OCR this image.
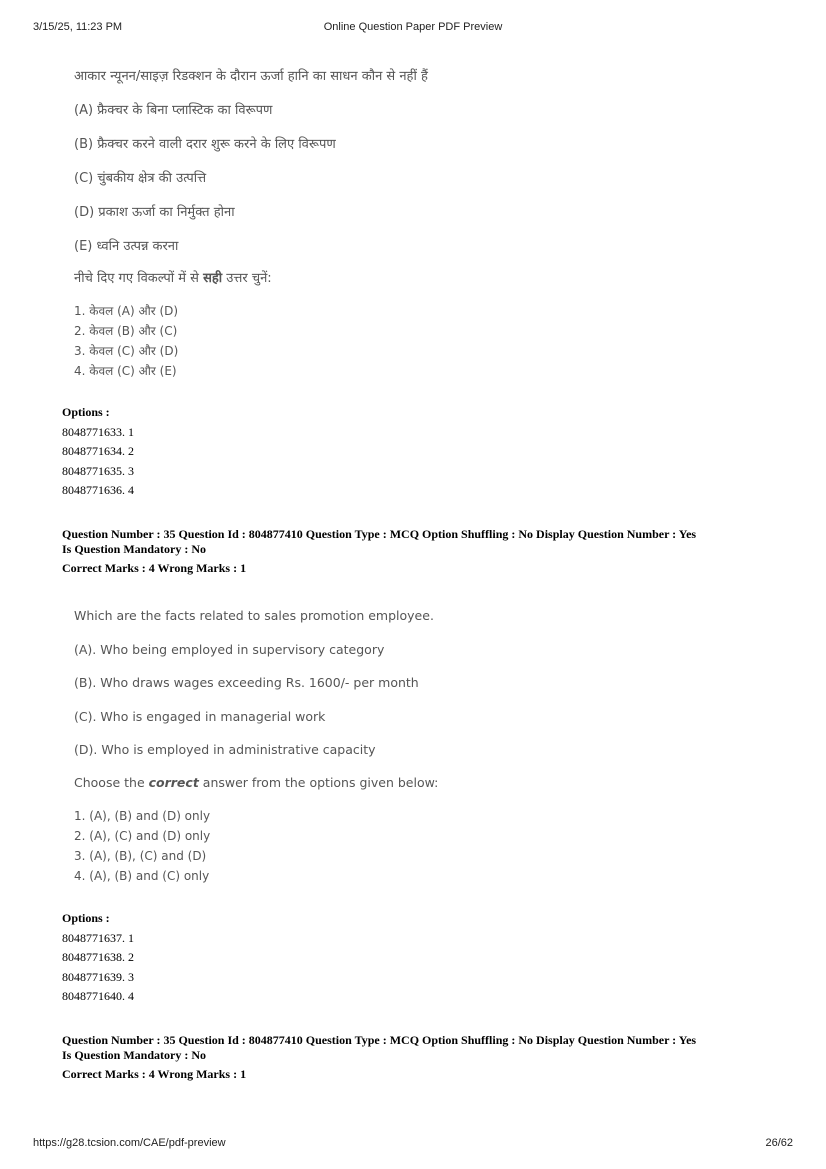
3/15/25, 11:23 PM	Online Question Paper PDF Preview
आकार न्यूनन/साइज़ रिडक्शन के दौरान ऊर्जा हानि का साधन कौन से नहीं हैं
(A) फ्रैक्चर के बिना प्लास्टिक का विरूपण
(B) फ्रैक्चर करने वाली दरार शुरू करने के लिए विरूपण
(C) चुंबकीय क्षेत्र की उत्पत्ति
(D) प्रकाश ऊर्जा का निर्मुक्त होना
(E) ध्वनि उत्पन्न करना
नीचे दिए गए विकल्पों में से सही उत्तर चुनें:
1. केवल (A) और (D)
2. केवल (B) और (C)
3. केवल (C) और (D)
4. केवल (C) और (E)
Options :
8048771633. 1
8048771634. 2
8048771635. 3
8048771636. 4
Question Number : 35 Question Id : 804877410 Question Type : MCQ Option Shuffling : No Display Question Number : Yes
Is Question Mandatory : No
Correct Marks : 4 Wrong Marks : 1
Which are the facts related to sales promotion employee.
(A). Who being employed in supervisory category
(B). Who draws wages exceeding Rs. 1600/- per month
(C). Who is engaged in managerial work
(D). Who is employed in administrative capacity
Choose the correct answer from the options given below:
1. (A), (B) and (D) only
2. (A), (C) and (D) only
3. (A), (B), (C) and (D)
4. (A), (B) and (C) only
Options :
8048771637. 1
8048771638. 2
8048771639. 3
8048771640. 4
Question Number : 35 Question Id : 804877410 Question Type : MCQ Option Shuffling : No Display Question Number : Yes
Is Question Mandatory : No
Correct Marks : 4 Wrong Marks : 1
https://g28.tcsion.com/CAE/pdf-preview	26/62
